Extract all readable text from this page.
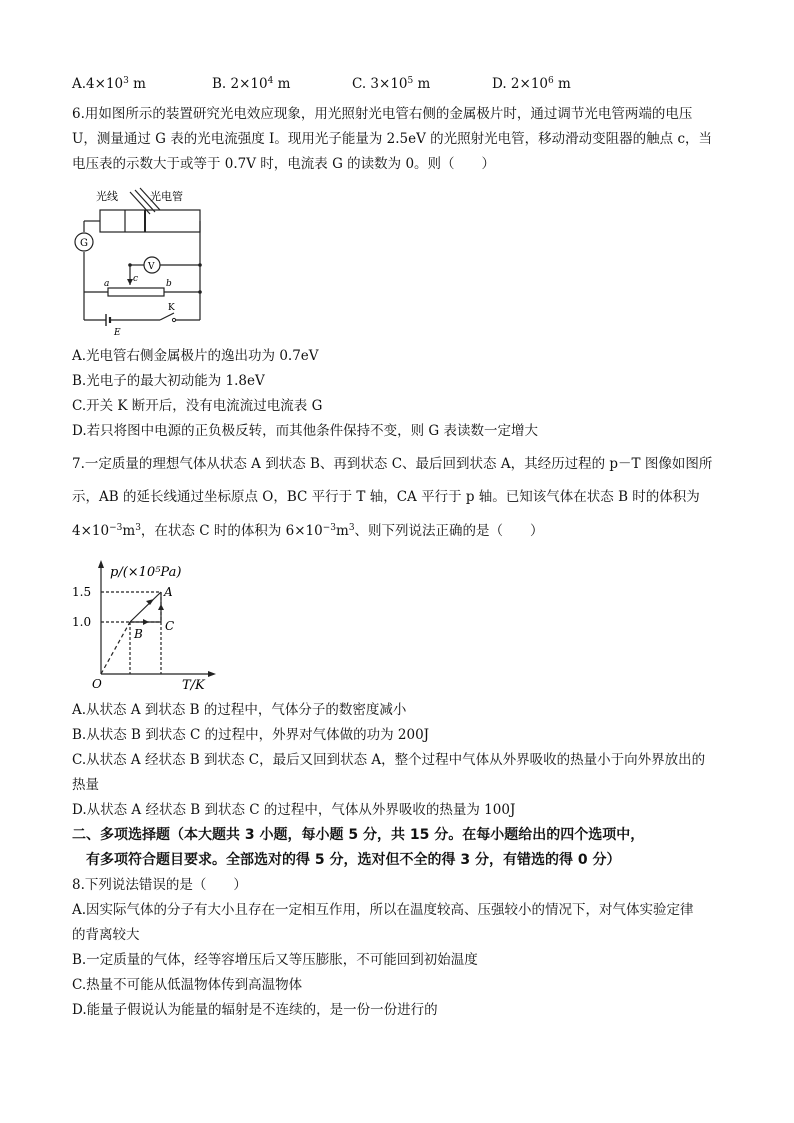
$A.4\times 10^3$ m	B. $2\times 10^4$ m	C. $3\times 10^5$ m	D. $2\times 10^6$ m
6.用如图所示的装置研究光电效应现象，用光照射光电管右侧的金属极片时，通过调节光电管两端的电压
U，测量通过 G 表的光电流强度 I。现用光子能量为 2.5eV 的光照射光电管，移动滑动变阻器的触点 c，当
电压表的示数大于或等于 0.7V 时，电流表 G 的读数为 0。则（　　）
光线	光电管
G
V
a	b
c
K
E
A.光电管右侧金属极片的逸出功为 0.7eV
B.光电子的最大初动能为 1.8eV
C.开关 K 断开后，没有电流流过电流表 G
D.若只将图中电源的正负极反转，而其他条件保持不变，则 G 表读数一定增大
7.一定质量的理想气体从状态 A 到状态 B、再到状态 C、最后回到状态 A，其经历过程的 p－T 图像如图所
示，AB 的延长线通过坐标原点 O，BC 平行于 T 轴，CA 平行于 p 轴。已知该气体在状态 B 时的体积为
$4\times 10^{-3}m^3$，在状态 C 时的体积为 $6\times 10^{-3}m^3$、则下列说法正确的是（　　）
p/(×10⁵Pa)
1.5
1.0
O	T/K
A
B
C
A.从状态 A 到状态 B 的过程中，气体分子的数密度减小
B.从状态 B 到状态 C 的过程中，外界对气体做的功为 200J
C.从状态 A 经状态 B 到状态 C，最后又回到状态 A，整个过程中气体从外界吸收的热量小于向外界放出的
热量
D.从状态 A 经状态 B 到状态 C 的过程中，气体从外界吸收的热量为 100J
二、多项选择题（本大题共 3 小题，每小题 5 分，共 15 分。在每小题给出的四个选项中，
有多项符合题目要求。全部选对的得 5 分，选对但不全的得 3 分，有错选的得 0 分）
8.下列说法错误的是（　　）
A.因实际气体的分子有大小且存在一定相互作用，所以在温度较高、压强较小的情况下，对气体实验定律
的背离较大
B.一定质量的气体，经等容增压后又等压膨胀，不可能回到初始温度
C.热量不可能从低温物体传到高温物体
D.能量子假说认为能量的辐射是不连续的，是一份一份进行的
